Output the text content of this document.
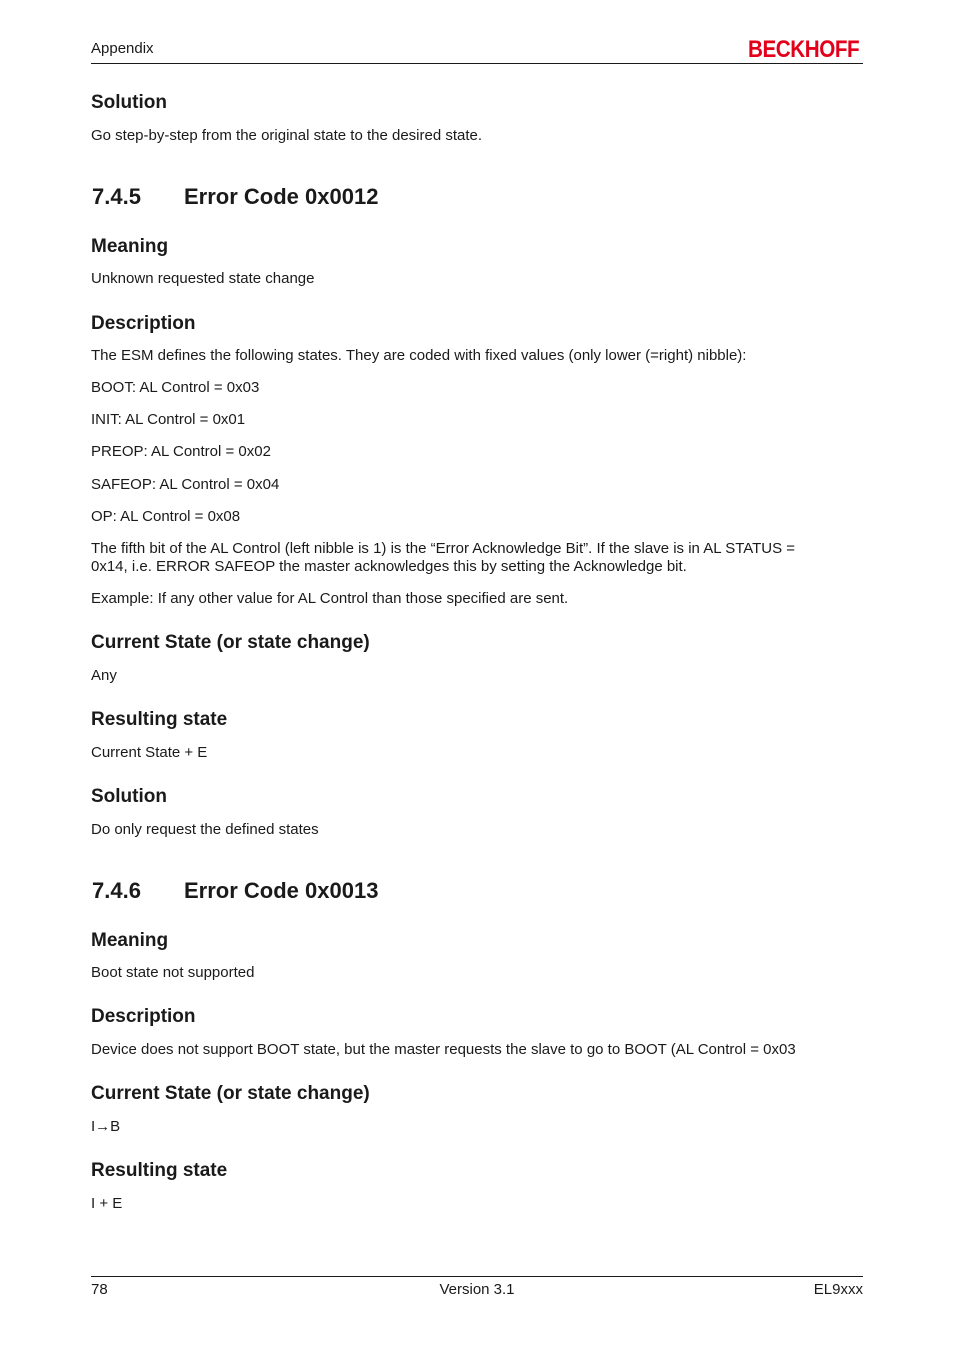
Appendix	BECKHOFF
Solution
Go step-by-step from the original state to the desired state.
7.4.5 Error Code 0x0012
Meaning
Unknown requested state change
Description
The ESM defines the following states. They are coded with fixed values (only lower (=right) nibble):
BOOT: AL Control = 0x03
INIT: AL Control = 0x01
PREOP: AL Control = 0x02
SAFEOP: AL Control = 0x04
OP: AL Control = 0x08
The fifth bit of the AL Control (left nibble is 1) is the “Error Acknowledge Bit”. If the slave is in AL STATUS =
0x14, i.e. ERROR SAFEOP the master acknowledges this by setting the Acknowledge bit.
Example: If any other value for AL Control than those specified are sent.
Current State (or state change)
Any
Resulting state
Current State + E
Solution
Do only request the defined states
7.4.6 Error Code 0x0013
Meaning
Boot state not supported
Description
Device does not support BOOT state, but the master requests the slave to go to BOOT (AL Control = 0x03
Current State (or state change)
I→B
Resulting state
I + E
78	Version 3.1	EL9xxx
